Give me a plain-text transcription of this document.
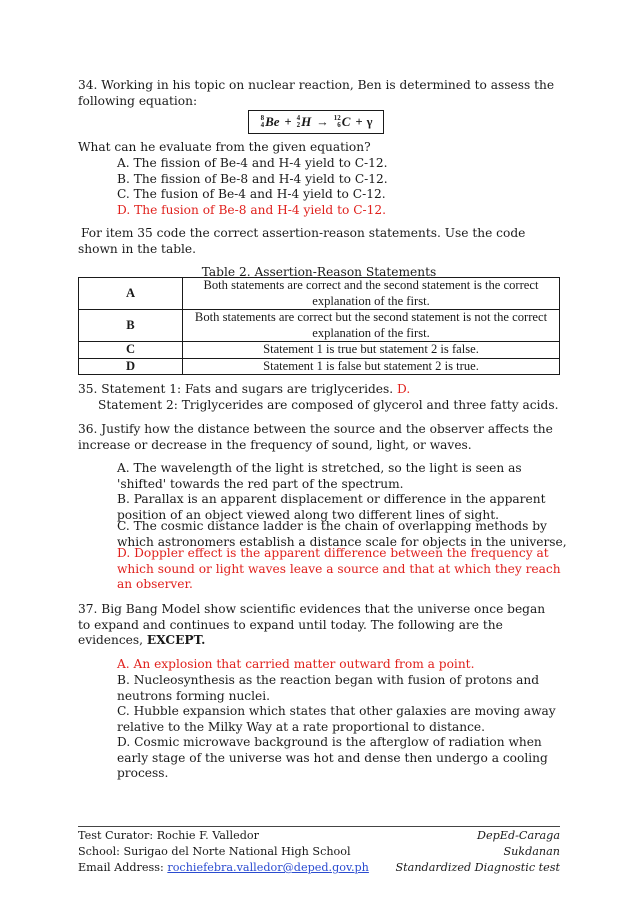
34. Working in his topic on nuclear reaction, Ben is determined to assess the following equation:

8
4 Be + 4
2 H → 12
6 C + γ

What can he evaluate from the given equation?

A. The fission of Be-4 and H-4 yield to C-12.
B. The fission of Be-8 and H-4 yield to C-12.
C. The fusion of Be-4 and H-4 yield to C-12.
D. The fusion of Be-8 and H-4 yield to C-12.

For item 35 code the correct assertion-reason statements. Use the code shown in the table.

Table 2. Assertion-Reason Statements
A	Both statements are correct and the second statement is the correct explanation of the first.
B	Both statements are correct but the second statement is not the correct explanation of the first.
C	Statement 1 is true but statement 2 is false.
D	Statement 1 is false but statement 2 is true.
35. Statement 1: Fats and sugars are triglycerides. D.
Statement 2: Triglycerides are composed of glycerol and three fatty acids.

36. Justify how the distance between the source and the observer affects the increase or decrease in the frequency of sound, light, or waves.

A. The wavelength of the light is stretched, so the light is seen as 'shifted' towards the red part of the spectrum.
B. Parallax is an apparent displacement or difference in the apparent position of an object viewed along two different lines of sight.
C. The cosmic distance ladder is the chain of overlapping methods by which astronomers establish a distance scale for objects in the universe,
D. Doppler effect is the apparent difference between the frequency at which sound or light waves leave a source and that at which they reach an observer.
37. Big Bang Model show scientific evidences that the universe once began to expand and continues to expand until today. The following are the evidences, EXCEPT.
A. An explosion that carried matter outward from a point.
B. Nucleosynthesis as the reaction began with fusion of protons and neutrons forming nuclei.
C. Hubble expansion which states that other galaxies are moving away relative to the Milky Way at a rate proportional to distance.
D. Cosmic microwave background is the afterglow of radiation when early stage of the universe was hot and dense then undergo a cooling process.
Test Curator: Rochie F. Valledor
School: Surigao del Norte National High School
Email Address: rochiefebra.valledor@deped.gov.ph
DepEd-Caraga
Sukdanan
Standardized Diagnostic test
